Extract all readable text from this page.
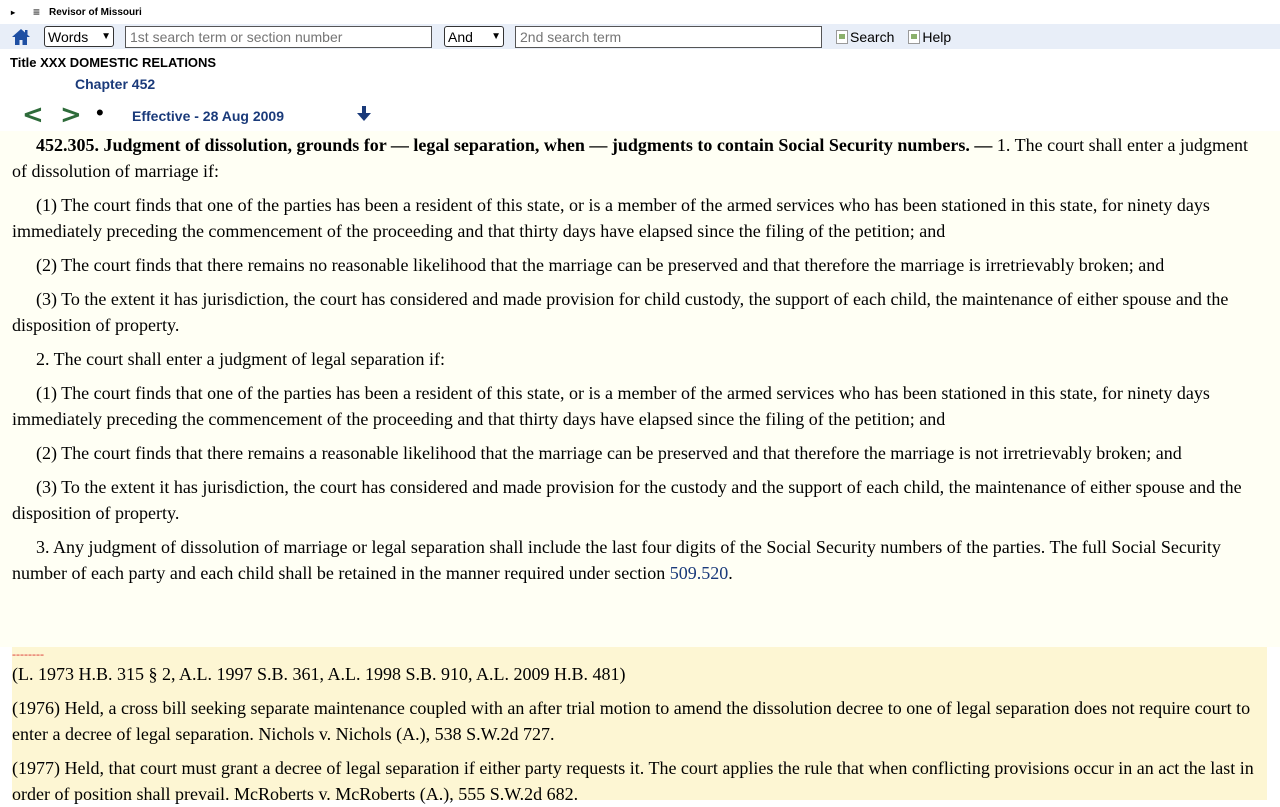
▸	≡ Revisor of Missouri
Words ▼	1st search term or section number	And ▼	2nd search term	Search Help
Title XXX DOMESTIC RELATIONS
Chapter 452
< > • Effective - 28 Aug 2009

452.305. Judgment of dissolution, grounds for — legal separation, when — judgments to contain Social Security numbers. — 1. The court shall enter a judgment of dissolution of marriage if:

(1) The court finds that one of the parties has been a resident of this state, or is a member of the armed services who has been stationed in this state, for ninety days immediately preceding the commencement of the proceeding and that thirty days have elapsed since the filing of the petition; and

(2) The court finds that there remains no reasonable likelihood that the marriage can be preserved and that therefore the marriage is irretrievably broken; and

(3) To the extent it has jurisdiction, the court has considered and made provision for child custody, the support of each child, the maintenance of either spouse and the disposition of property.

2. The court shall enter a judgment of legal separation if:

(1) The court finds that one of the parties has been a resident of this state, or is a member of the armed services who has been stationed in this state, for ninety days immediately preceding the commencement of the proceeding and that thirty days have elapsed since the filing of the petition; and

(2) The court finds that there remains a reasonable likelihood that the marriage can be preserved and that therefore the marriage is not irretrievably broken; and

(3) To the extent it has jurisdiction, the court has considered and made provision for the custody and the support of each child, the maintenance of either spouse and the disposition of property.

3. Any judgment of dissolution of marriage or legal separation shall include the last four digits of the Social Security numbers of the parties. The full Social Security number of each party and each child shall be retained in the manner required under section 509.520.

--------

(L. 1973 H.B. 315 § 2, A.L. 1997 S.B. 361, A.L. 1998 S.B. 910, A.L. 2009 H.B. 481)

(1976) Held, a cross bill seeking separate maintenance coupled with an after trial motion to amend the dissolution decree to one of legal separation does not require court to enter a decree of legal separation. Nichols v. Nichols (A.), 538 S.W.2d 727.

(1977) Held, that court must grant a decree of legal separation if either party requests it. The court applies the rule that when conflicting provisions occur in an act the last in order of position shall prevail. McRoberts v. McRoberts (A.), 555 S.W.2d 682.
